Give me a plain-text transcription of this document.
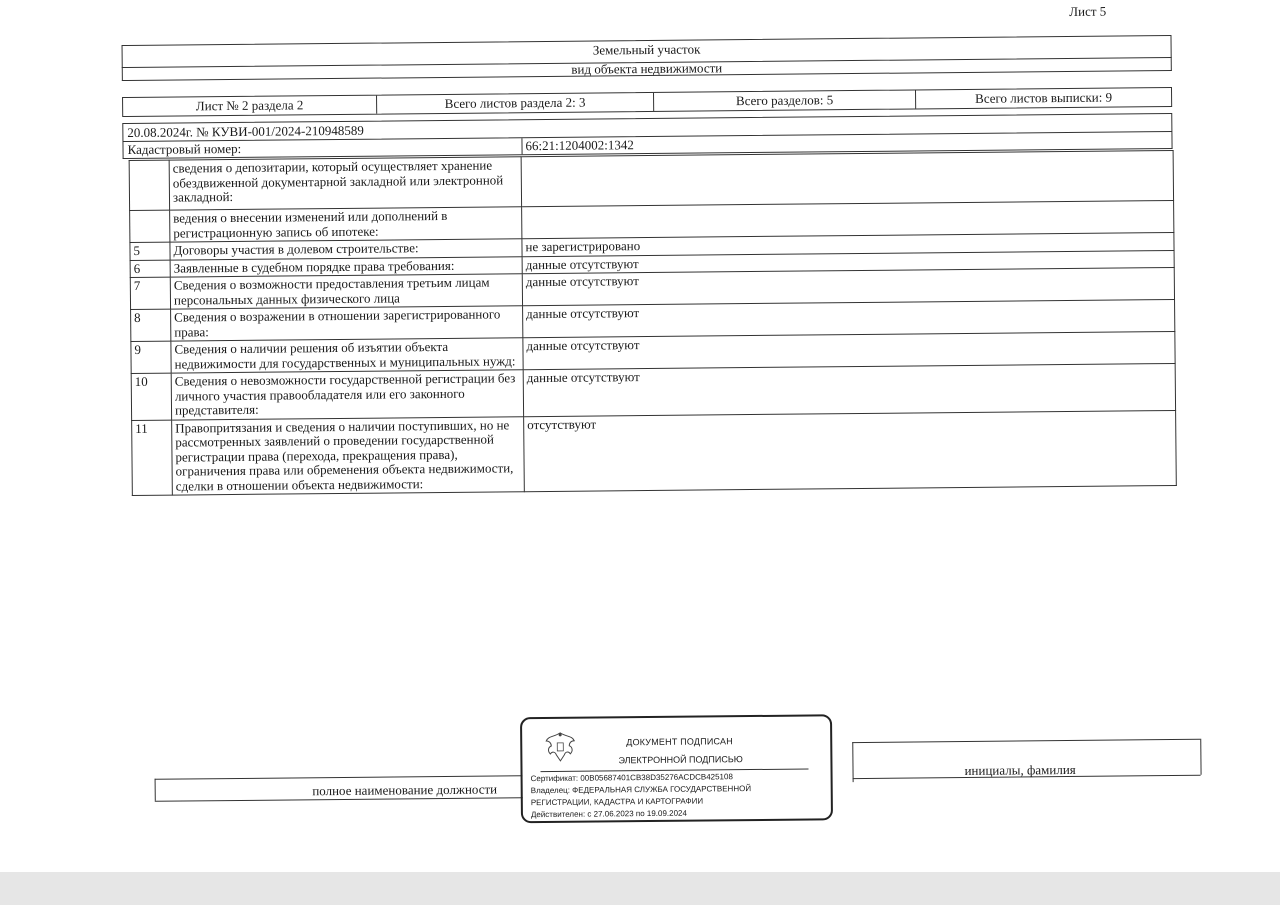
Лист 5
Земельный участок
вид объекта недвижимости
Лист № 2 раздела 2	Всего листов раздела 2: 3	Всего разделов: 5	Всего листов выписки: 9
20.08.2024г. № КУВИ-001/2024-210948589
Кадастровый номер:	66:21:1204002:1342
	сведения о депозитарии, который осуществляет хранение обездвиженной документарной закладной или электронной закладной:	
	ведения о внесении изменений или дополнений в регистрационную запись об ипотеке:	
5	Договоры участия в долевом строительстве:	не зарегистрировано
6	Заявленные в судебном порядке права требования:	данные отсутствуют
7	Сведения о возможности предоставления третьим лицам персональных данных физического лица	данные отсутствуют
8	Сведения о возражении в отношении зарегистрированного права:	данные отсутствуют
9	Сведения о наличии решения об изъятии объекта недвижимости для государственных и муниципальных нужд:	данные отсутствуют
10	Сведения о невозможности государственной регистрации без личного участия правообладателя или его законного представителя:	данные отсутствуют
11	Правопритязания и сведения о наличии поступивших, но не рассмотренных заявлений о проведении государственной регистрации права (перехода, прекращения права), ограничения права или обременения объекта недвижимости, сделки в отношении объекта недвижимости:	отсутствуют
полное наименование должности
инициалы, фамилия
ДОКУМЕНТ ПОДПИСАН
ЭЛЕКТРОННОЙ ПОДПИСЬЮ
Сертификат: 00B05687401CB38D35276ACDCB425108
Владелец: ФЕДЕРАЛЬНАЯ СЛУЖБА ГОСУДАРСТВЕННОЙ
РЕГИСТРАЦИИ, КАДАСТРА И КАРТОГРАФИИ
Действителен: с 27.06.2023 по 19.09.2024
